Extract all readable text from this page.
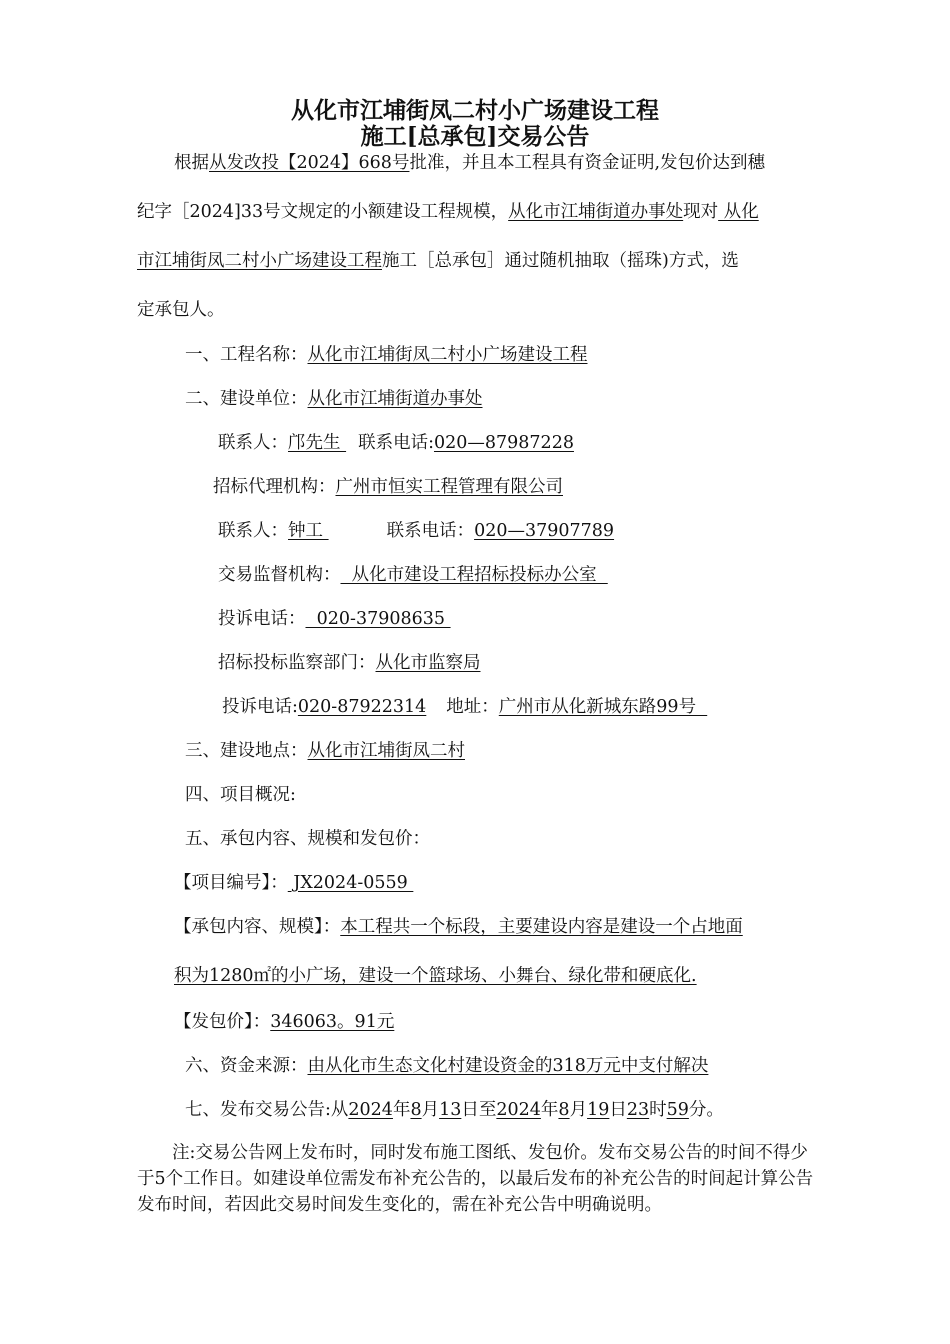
从化市江埔街凤二村小广场建设工程
施工[总承包]交易公告
根据从发改投【2024】668号批准，并且本工程具有资金证明,发包价达到穗
纪字［2024]33号文规定的小额建设工程规模，从化市江埔街道办事处现对 从化
市江埔街凤二村小广场建设工程施工［总承包］通过随机抽取（摇珠)方式，选
定承包人。
一、工程名称：从化市江埔街凤二村小广场建设工程
二、建设单位：从化市江埔街道办事处
联系人：邝先生 联系电话:020—87987228
招标代理机构：广州市恒实工程管理有限公司
联系人：钟工	联系电话：020—37907789
交易监督机构：  从化市建设工程招标投标办公室
投诉电话：  020-37908635
招标投标监察部门：从化市监察局
投诉电话:020-87922314 地址：广州市从化新城东路99号
三、建设地点：从化市江埔街凤二村
四、项目概况:
五、承包内容、规模和发包价：
【项目编号】： JX2024-0559
【承包内容、规模】：本工程共一个标段，主要建设内容是建设一个占地面
积为1280㎡的小广场，建设一个篮球场、小舞台、绿化带和硬底化.
【发包价】：346063。91元
六、资金来源：由从化市生态文化村建设资金的318万元中支付解决
七、发布交易公告:从2024年8月13日至2024年8月19日23时59分。
注:交易公告网上发布时，同时发布施工图纸、发包价。发布交易公告的时间不得少于5个工作日。如建设单位需发布补充公告的，以最后发布的补充公告的时间起计算公告发布时间，若因此交易时间发生变化的，需在补充公告中明确说明。
